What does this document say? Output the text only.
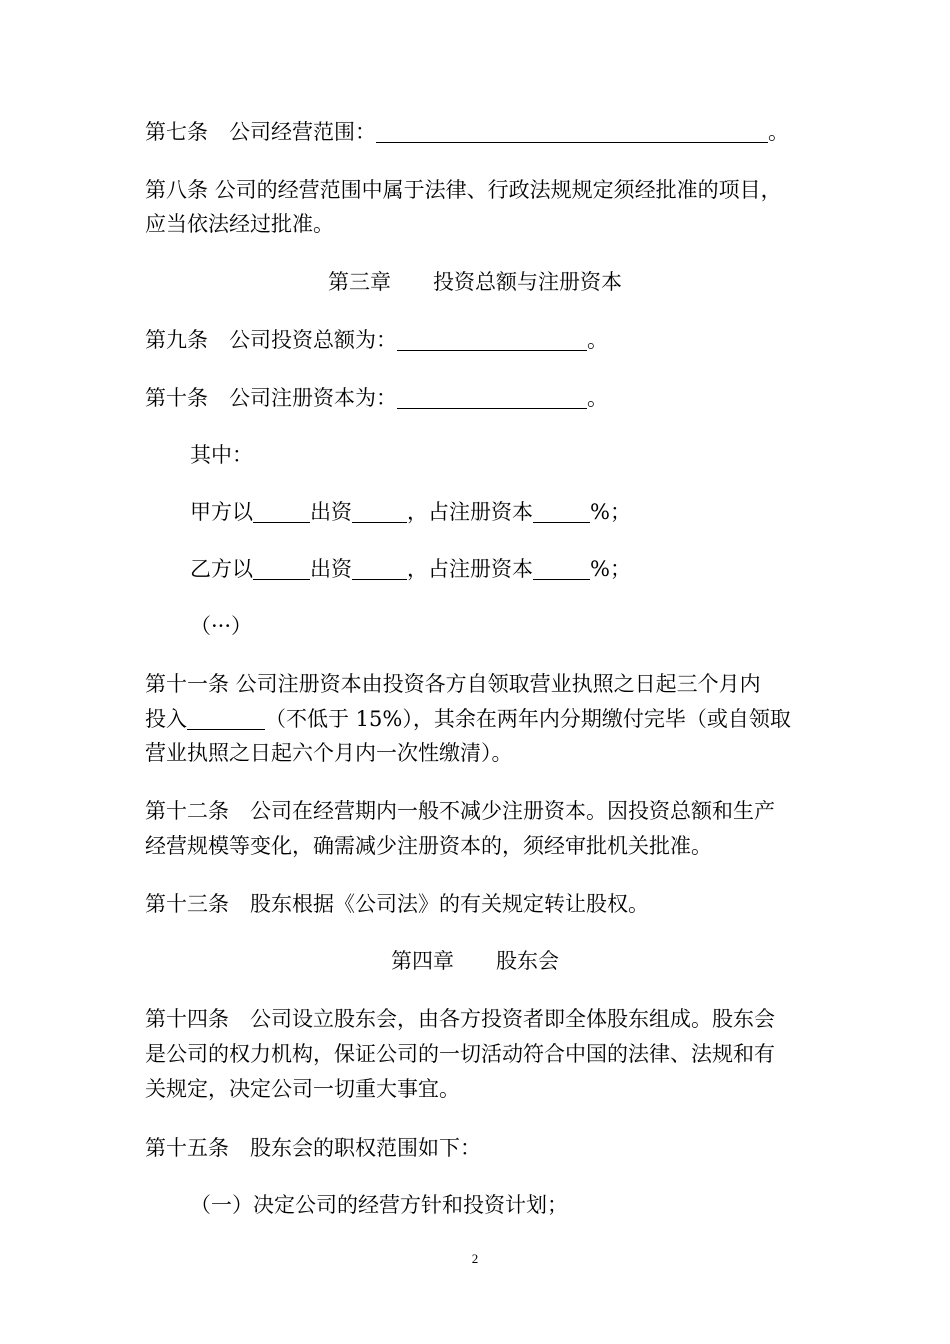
第七条　公司经营范围：	。
第八条 公司的经营范围中属于法律、行政法规规定须经批准的项目，
应当依法经过批准。
第三章　　投资总额与注册资本
第九条　公司投资总额为：	。
第十条　公司注册资本为：	。
其中：
甲方以	出资	，占注册资本	%；
乙方以	出资	，占注册资本	%；
（···）
第十一条 公司注册资本由投资各方自领取营业执照之日起三个月内
投入	（不低于 15%），其余在两年内分期缴付完毕（或自领取
营业执照之日起六个月内一次性缴清）。
第十二条　公司在经营期内一般不减少注册资本。因投资总额和生产
经营规模等变化，确需减少注册资本的，须经审批机关批准。
第十三条　股东根据《公司法》的有关规定转让股权。
第四章　　股东会
第十四条　公司设立股东会，由各方投资者即全体股东组成。股东会
是公司的权力机构，保证公司的一切活动符合中国的法律、法规和有
关规定，决定公司一切重大事宜。
第十五条　股东会的职权范围如下：
（一）决定公司的经营方针和投资计划；
2
